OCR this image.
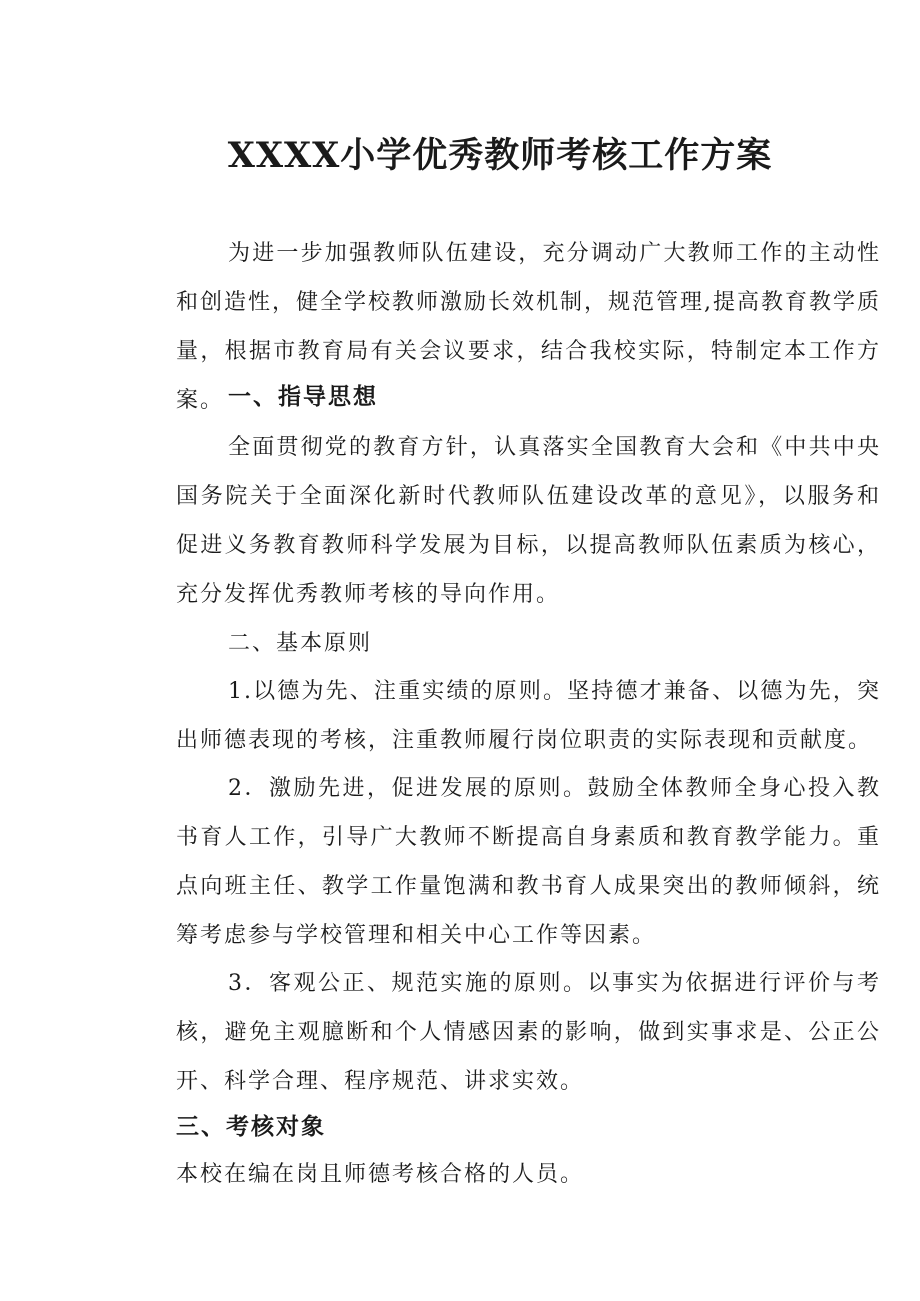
XXXX小学优秀教师考核工作方案

为进一步加强教师队伍建设，充分调动广大教师工作的主动性和创造性，健全学校教师激励长效机制，规范管理,提高教育教学质量，根据市教育局有关会议要求，结合我校实际，特制定本工作方案。 一、指导思想

全面贯彻党的教育方针，认真落实全国教育大会和《中共中央国务院关于全面深化新时代教师队伍建设改革的意见》，以服务和促进义务教育教师科学发展为目标，以提高教师队伍素质为核心，充分发挥优秀教师考核的导向作用。

二、基本原则

1.以德为先、注重实绩的原则。坚持德才兼备、以德为先，突出师德表现的考核，注重教师履行岗位职责的实际表现和贡献度。

2．激励先进，促进发展的原则。鼓励全体教师全身心投入教书育人工作，引导广大教师不断提高自身素质和教育教学能力。重点向班主任、教学工作量饱满和教书育人成果突出的教师倾斜，统筹考虑参与学校管理和相关中心工作等因素。

3．客观公正、规范实施的原则。以事实为依据进行评价与考核，避免主观臆断和个人情感因素的影响，做到实事求是、公正公开、科学合理、程序规范、讲求实效。

三、考核对象

本校在编在岗且师德考核合格的人员。
